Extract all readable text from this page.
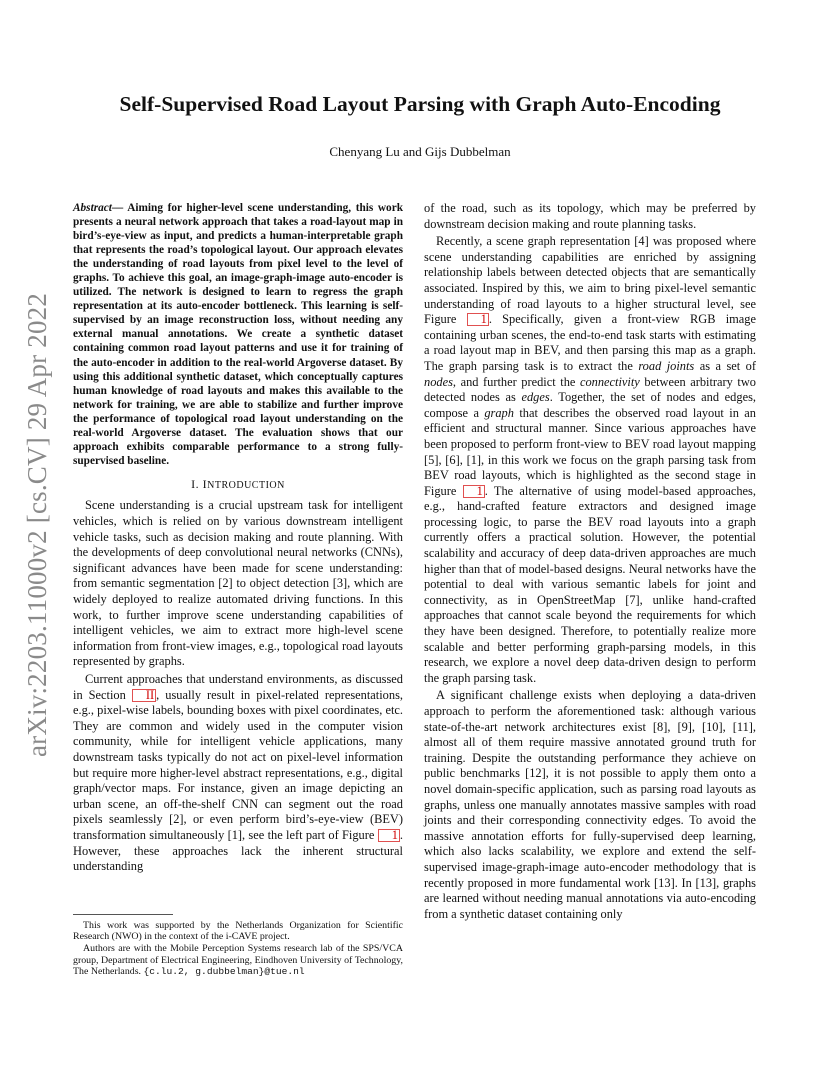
arXiv:2203.11000v2 [cs.CV] 29 Apr 2022
Self-Supervised Road Layout Parsing with Graph Auto-Encoding
Chenyang Lu and Gijs Dubbelman

Abstract— Aiming for higher-level scene understanding, this work presents a neural network approach that takes a road-layout map in bird’s-eye-view as input, and predicts a human-interpretable graph that represents the road’s topological layout. Our approach elevates the understanding of road layouts from pixel level to the level of graphs. To achieve this goal, an image-graph-image auto-encoder is utilized. The network is designed to learn to regress the graph representation at its auto-encoder bottleneck. This learning is self-supervised by an image reconstruction loss, without needing any external manual annotations. We create a synthetic dataset containing common road layout patterns and use it for training of the auto-encoder in addition to the real-world Argoverse dataset. By using this additional synthetic dataset, which conceptually captures human knowledge of road layouts and makes this available to the network for training, we are able to stabilize and further improve the performance of topological road layout understanding on the real-world Argoverse dataset. The evaluation shows that our approach exhibits comparable performance to a strong fully-supervised baseline.

I. INTRODUCTION

Scene understanding is a crucial upstream task for intelligent vehicles, which is relied on by various downstream intelligent vehicle tasks, such as decision making and route planning. With the developments of deep convolutional neural networks (CNNs), significant advances have been made for scene understanding: from semantic segmentation [2] to object detection [3], which are widely deployed to realize automated driving functions. In this work, to further improve scene understanding capabilities of intelligent vehicles, we aim to extract more high-level scene information from front-view images, e.g., topological road layouts represented by graphs.

Current approaches that understand environments, as discussed in Section II , usually result in pixel-related representations, e.g., pixel-wise labels, bounding boxes with pixel coordinates, etc. They are common and widely used in the computer vision community, while for intelligent vehicle applications, many downstream tasks typically do not act on pixel-level information but require more higher-level abstract representations, e.g., digital graph/vector maps. For instance, given an image depicting an urban scene, an off-the-shelf CNN can segment out the road pixels seamlessly [2], or even perform bird’s-eye-view (BEV) transformation simultaneously [1], see the left part of Figure 1 . However, these approaches lack the inherent structural understanding

This work was supported by the Netherlands Organization for Scientific Research (NWO) in the context of the i-CAVE project.

Authors are with the Mobile Perception Systems research lab of the SPS/VCA group, Department of Electrical Engineering, Eindhoven University of Technology, The Netherlands. {c.lu.2, g.dubbelman}@tue.nl

of the road, such as its topology, which may be preferred by downstream decision making and route planning tasks.

Recently, a scene graph representation [4] was proposed where scene understanding capabilities are enriched by assigning relationship labels between detected objects that are semantically associated. Inspired by this, we aim to bring pixel-level semantic understanding of road layouts to a higher structural level, see Figure 1 . Specifically, given a front-view RGB image containing urban scenes, the end-to-end task starts with estimating a road layout map in BEV, and then parsing this map as a graph. The graph parsing task is to extract the road joints as a set of nodes, and further predict the connectivity between arbitrary two detected nodes as edges. Together, the set of nodes and edges, compose a graph that describes the observed road layout in an efficient and structural manner. Since various approaches have been proposed to perform front-view to BEV road layout mapping [5], [6], [1], in this work we focus on the graph parsing task from BEV road layouts, which is highlighted as the second stage in Figure 1 . The alternative of using model-based approaches, e.g., hand-crafted feature extractors and designed image processing logic, to parse the BEV road layouts into a graph currently offers a practical solution. However, the potential scalability and accuracy of deep data-driven approaches are much higher than that of model-based designs. Neural networks have the potential to deal with various semantic labels for joint and connectivity, as in OpenStreetMap [7], unlike hand-crafted approaches that cannot scale beyond the requirements for which they have been designed. Therefore, to potentially realize more scalable and better performing graph-parsing models, in this research, we explore a novel deep data-driven design to perform the graph parsing task.

A significant challenge exists when deploying a data-driven approach to perform the aforementioned task: although various state-of-the-art network architectures exist [8], [9], [10], [11], almost all of them require massive annotated ground truth for training. Despite the outstanding performance they achieve on public benchmarks [12], it is not possible to apply them onto a novel domain-specific application, such as parsing road layouts as graphs, unless one manually annotates massive samples with road joints and their corresponding connectivity edges. To avoid the massive annotation efforts for fully-supervised deep learning, which also lacks scalability, we explore and extend the self-supervised image-graph-image auto-encoder methodology that is recently proposed in more fundamental work [13]. In [13], graphs are learned without needing manual annotations via auto-encoding from a synthetic dataset containing only
